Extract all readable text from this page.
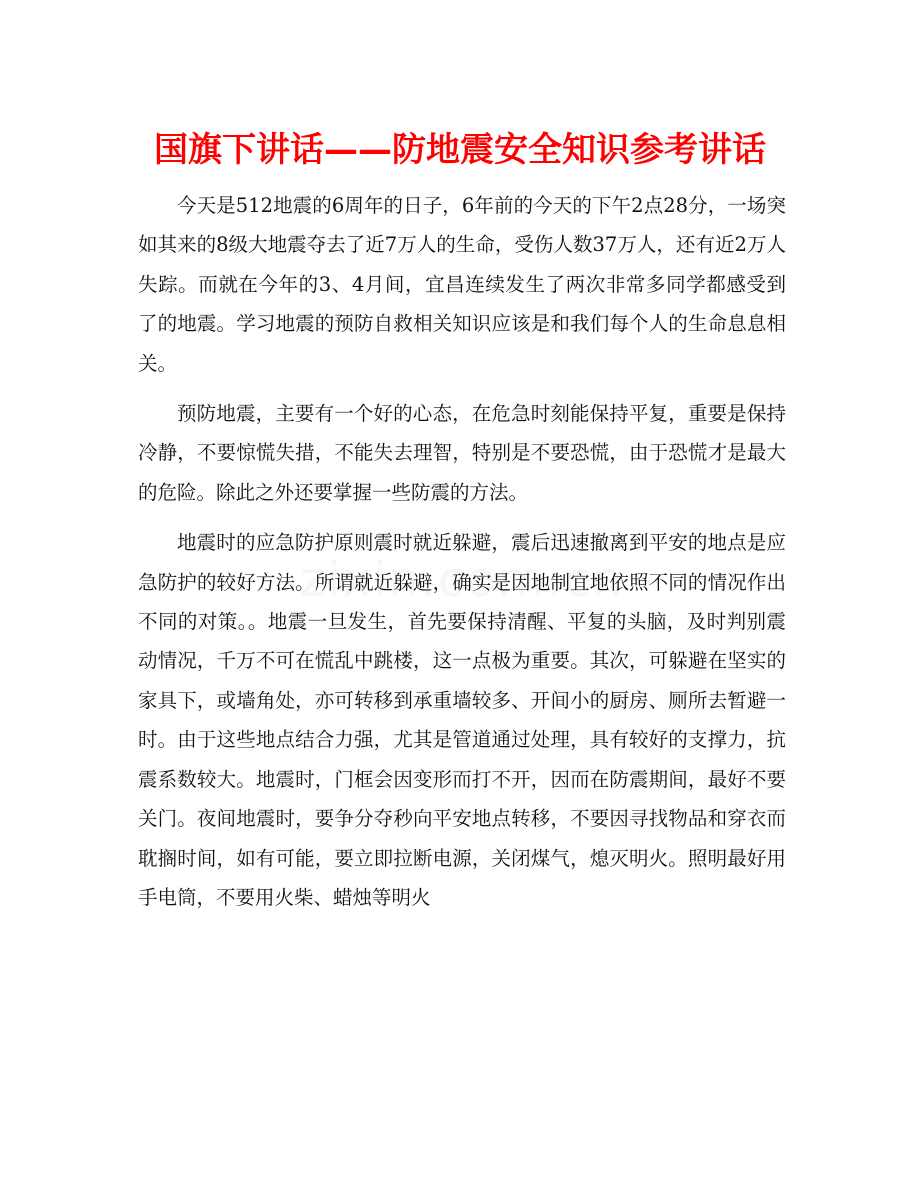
国旗下讲话——防地震安全知识参考讲话

今天是512地震的6周年的日子，6年前的今天的下午2点28分，一场突如其来的8级大地震夺去了近7万人的生命，受伤人数37万人，还有近2万人失踪。而就在今年的3、4月间，宜昌连续发生了两次非常多同学都感受到了的地震。学习地震的预防自救相关知识应该是和我们每个人的生命息息相关。

预防地震，主要有一个好的心态，在危急时刻能保持平复，重要是保持冷静，不要惊慌失措，不能失去理智，特别是不要恐慌，由于恐慌才是最大的危险。除此之外还要掌握一些防震的方法。

地震时的应急防护原则震时就近躲避，震后迅速撤离到平安的地点是应急防护的较好方法。所谓就近躲避，确实是因地制宜地依照不同的情况作出不同的对策。。地震一旦发生，首先要保持清醒、平复的头脑，及时判别震动情况，千万不可在慌乱中跳楼，这一点极为重要。其次，可躲避在坚实的家具下，或墙角处，亦可转移到承重墙较多、开间小的厨房、厕所去暂避一时。由于这些地点结合力强，尤其是管道通过处理，具有较好的支撑力，抗震系数较大。地震时，门框会因变形而打不开，因而在防震期间，最好不要关门。夜间地震时，要争分夺秒向平安地点转移，不要因寻找物品和穿衣而耽搁时间，如有可能，要立即拉断电源，关闭煤气，熄灭明火。照明最好用手电筒，不要用火柴、蜡烛等明火
